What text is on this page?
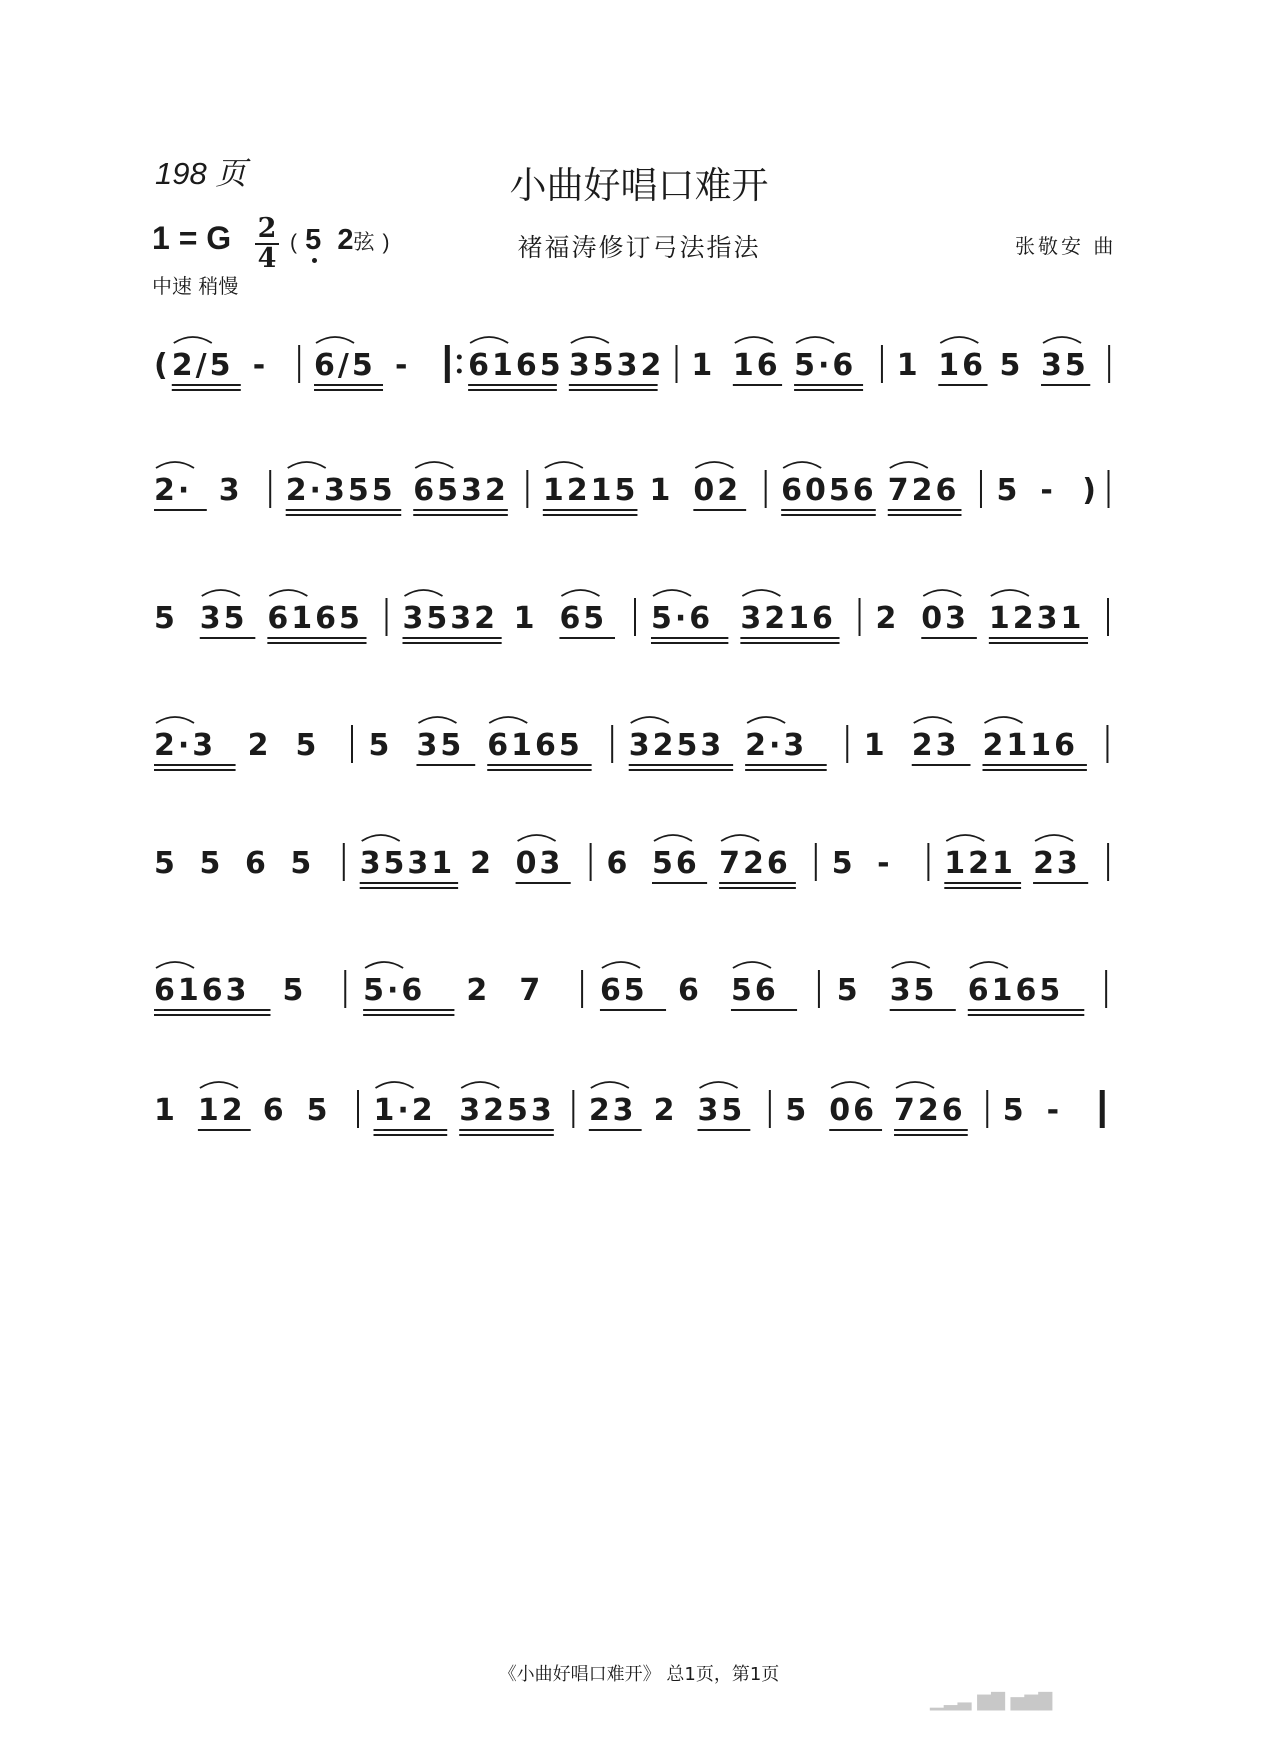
198 页	小曲好唱口难开
1 = G 2
4
( 5 2弦 )
中速 稍慢
褚福涛修订弓法指法	张敬安 曲
( 2/5 - 6/5 - 6165 3532 1 16 5·6 1 16 5 35
2· 3 2·355 6532 1215 1 02 6056 726 5 - )
5 35 6165 3532 1 65 5·6 3216 2 03 1231
2·3 2 5 5 35 6165 3253 2·3 1 23 2116
5 5 6 5 3531 2 03 6 56 726 5 - 121 23
6163 5 5·6 2 7 65 6 56 5 35 6165
1 12 6 5 1·2 3253 23 2 35 5 06 726 5 -
《小曲好唱口难开》 总1页，第1页
▁▂▃ ▆▇ ▅▆▇
